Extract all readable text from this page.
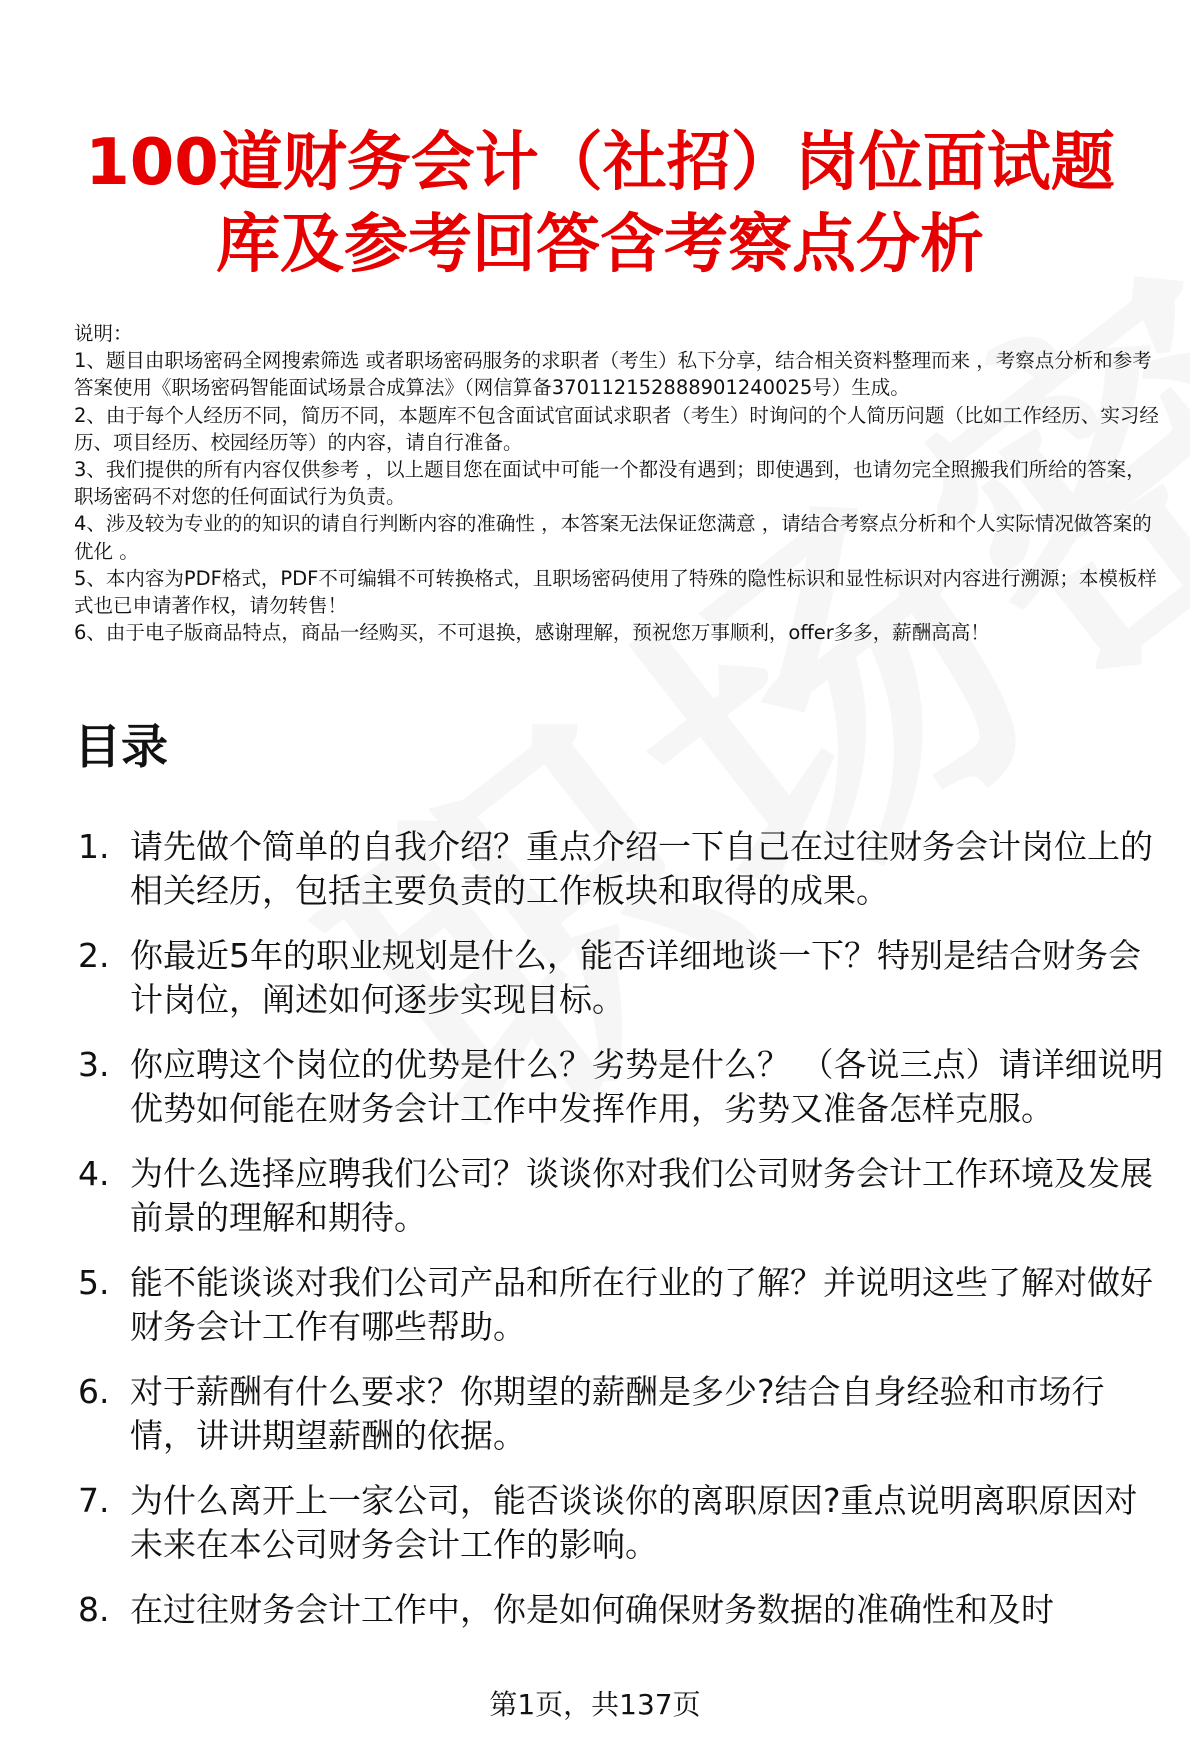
100道财务会计（社招）岗位面试题
库及参考回答含考察点分析

说明：

1、题目由职场密码全网搜索筛选 或者职场密码服务的求职者（考生）私下分享，结合相关资料整理而来 ，考察点分析和参考答案使用《职场密码智能面试场景合成算法》（网信算备370112152888901240025号）生成。

2、由于每个人经历不同，简历不同，本题库不包含面试官面试求职者（考生）时询问的个人简历问题（比如工作经历、实习经历、项目经历、校园经历等）的内容，请自行准备。

3、我们提供的所有内容仅供参考 ，以上题目您在面试中可能一个都没有遇到；即使遇到，也请勿完全照搬我们所给的答案，职场密码不对您的任何面试行为负责。

4、涉及较为专业的的知识的请自行判断内容的准确性 ，本答案无法保证您满意 ，请结合考察点分析和个人实际情况做答案的优化 。

5、本内容为PDF格式，PDF不可编辑不可转换格式，且职场密码使用了特殊的隐性标识和显性标识对内容进行溯源；本模板样式也已申请著作权，请勿转售！

6、由于电子版商品特点，商品一经购买，不可退换，感谢理解，预祝您万事顺利，offer多多，薪酬高高！

目录
1. 请先做个简单的自我介绍？重点介绍一下自己在过往财务会计岗位上的相关经历，包括主要负责的工作板块和取得的成果。
2. 你最近5年的职业规划是什么，能否详细地谈一下？特别是结合财务会计岗位，阐述如何逐步实现目标。
3. 你应聘这个岗位的优势是什么？劣势是什么？ （各说三点）请详细说明优势如何能在财务会计工作中发挥作用，劣势又准备怎样克服。
4. 为什么选择应聘我们公司？谈谈你对我们公司财务会计工作环境及发展前景的理解和期待。
5. 能不能谈谈对我们公司产品和所在行业的了解？并说明这些了解对做好财务会计工作有哪些帮助。
6. 对于薪酬有什么要求？你期望的薪酬是多少?结合自身经验和市场行情，讲讲期望薪酬的依据。
7. 为什么离开上一家公司，能否谈谈你的离职原因?重点说明离职原因对未来在本公司财务会计工作的影响。
8. 在过往财务会计工作中，你是如何确保财务数据的准确性和及时
第1页，共137页
